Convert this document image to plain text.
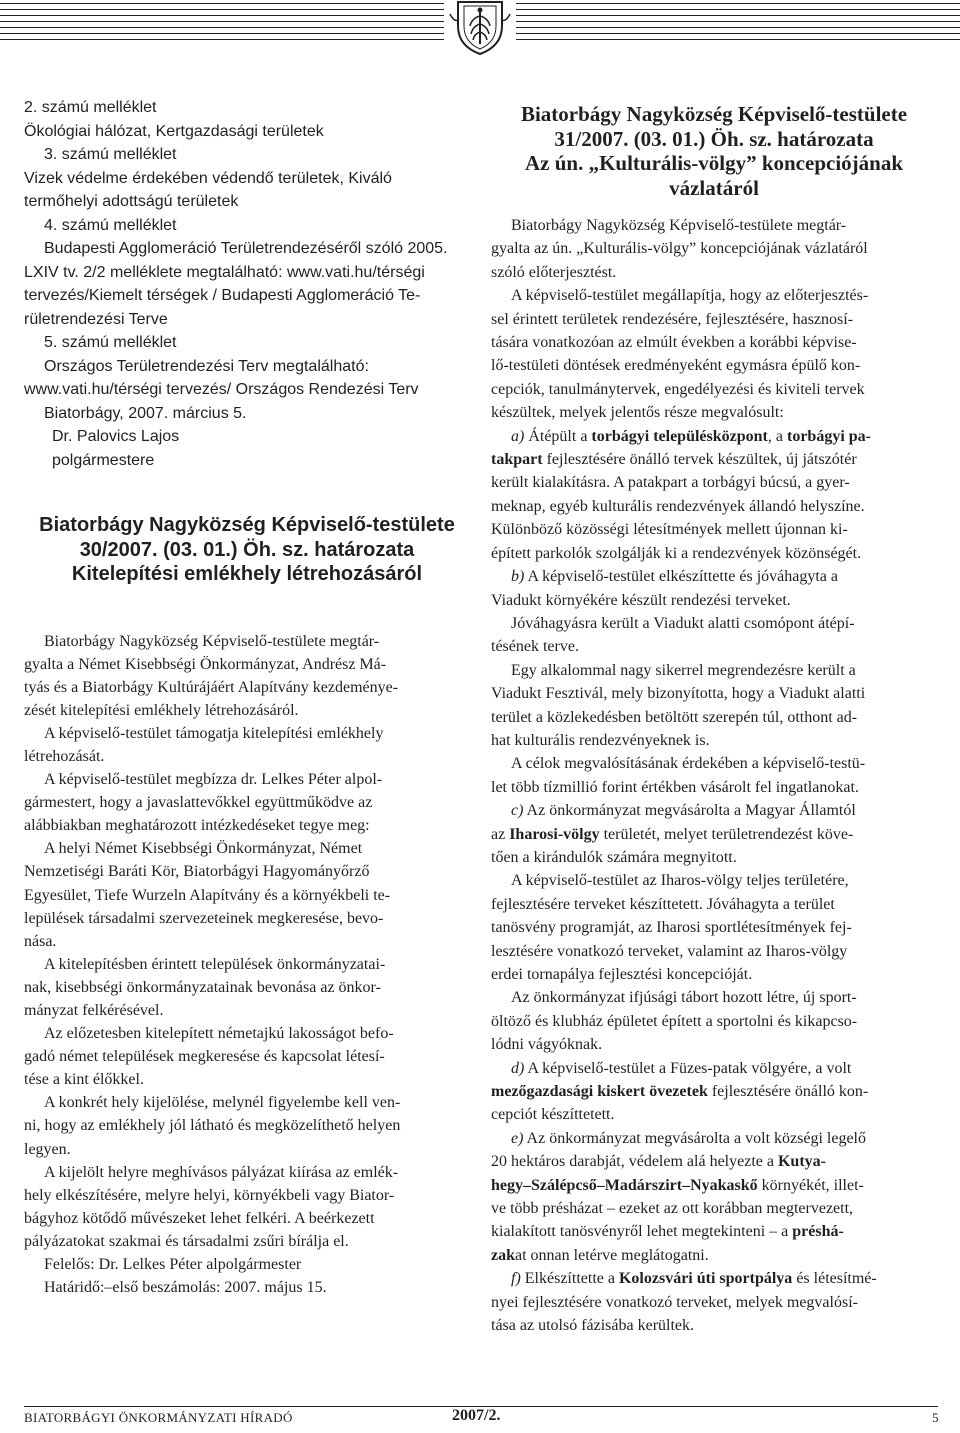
2. számú melléklet
Ökológiai hálózat, Kertgazdasági területek
3. számú melléklet
Vizek védelme érdekében védendő területek, Kiváló
termőhelyi adottságú területek
4. számú melléklet
Budapesti Agglomeráció Területrendezéséről szóló 2005.
LXIV tv. 2/2 melléklete megtalálható: www.vati.hu/térségi
tervezés/Kiemelt térségek / Budapesti Agglomeráció Te-
rületrendezési Terve
5. számú melléklet
Országos Területrendezési Terv megtalálható:
www.vati.hu/térségi tervezés/ Országos Rendezési Terv
Biatorbágy, 2007. március 5.
Dr. Palovics Lajos
polgármestere
Biatorbágy Nagyközség Képviselő-testülete
30/2007. (03. 01.) Öh. sz. határozata
Kitelepítési emlékhely létrehozásáról
Biatorbágy Nagyközség Képviselő-testülete megtár-
gyalta a Német Kisebbségi Önkormányzat, Andrész Má-
tyás és a Biatorbágy Kultúrájáért Alapítvány kezdeménye-
zését kitelepítési emlékhely létrehozásáról.
A képviselő-testület támogatja kitelepítési emlékhely
létrehozását.
A képviselő-testület megbízza dr. Lelkes Péter alpol-
gármestert, hogy a javaslattevőkkel együttműködve az
alábbiakban meghatározott intézkedéseket tegye meg:
A helyi Német Kisebbségi Önkormányzat, Német
Nemzetiségi Baráti Kör, Biatorbágyi Hagyományőrző
Egyesület, Tiefe Wurzeln Alapítvány és a környékbeli te-
lepülések társadalmi szervezeteinek megkeresése, bevo-
nása.
A kitelepítésben érintett települések önkormányzatai-
nak, kisebbségi önkormányzatainak bevonása az önkor-
mányzat felkérésével.
Az előzetesben kitelepített németajkú lakosságot befo-
gadó német települések megkeresése és kapcsolat létesí-
tése a kint élőkkel.
A konkrét hely kijelölése, melynél figyelembe kell ven-
ni, hogy az emlékhely jól látható és megközelíthető helyen
legyen.
A kijelölt helyre meghívásos pályázat kiírása az emlék-
hely elkészítésére, melyre helyi, környékbeli vagy Biator-
bágyhoz kötődő művészeket lehet felkéri. A beérkezett
pályázatokat szakmai és társadalmi zsűri bírálja el.
Felelős: Dr. Lelkes Péter alpolgármester
Határidő:–első beszámolás: 2007. május 15.
Biatorbágy Nagyközség Képviselő-testülete
31/2007. (03. 01.) Öh. sz. határozata
Az ún. „Kulturális-völgy” koncepciójának
vázlatáról
Biatorbágy Nagyközség Képviselő-testülete megtár-
gyalta az ún. „Kulturális-völgy” koncepciójának vázlatáról
szóló előterjesztést.
A képviselő-testület megállapítja, hogy az előterjesztés-
sel érintett területek rendezésére, fejlesztésére, hasznosí-
tására vonatkozóan az elmúlt években a korábbi képvise-
lő-testületi döntések eredményeként egymásra épülő kon-
cepciók, tanulmánytervek, engedélyezési és kiviteli tervek
készültek, melyek jelentős része megvalósult:
a) Átépült a torbágyi településközpont, a torbágyi pa-
takpart fejlesztésére önálló tervek készültek, új játszótér
került kialakításra. A patakpart a torbágyi búcsú, a gyer-
meknap, egyéb kulturális rendezvények állandó helyszíne.
Különböző közösségi létesítmények mellett újonnan ki-
épített parkolók szolgálják ki a rendezvények közönségét.
b) A képviselő-testület elkészíttette és jóváhagyta a
Viadukt környékére készült rendezési terveket.
Jóváhagyásra került a Viadukt alatti csomópont átépí-
tésének terve.
Egy alkalommal nagy sikerrel megrendezésre került a
Viadukt Fesztivál, mely bizonyította, hogy a Viadukt alatti
terület a közlekedésben betöltött szerepén túl, otthont ad-
hat kulturális rendezvényeknek is.
A célok megvalósításának érdekében a képviselő-testü-
let több tízmillió forint értékben vásárolt fel ingatlanokat.
c) Az önkormányzat megvásárolta a Magyar Államtól
az Iharosi-völgy területét, melyet területrendezést köve-
tően a kirándulók számára megnyitott.
A képviselő-testület az Iharos-völgy teljes területére,
fejlesztésére terveket készíttetett. Jóváhagyta a terület
tanösvény programját, az Iharosi sportlétesítmények fej-
lesztésére vonatkozó terveket, valamint az Iharos-völgy
erdei tornapálya fejlesztési koncepcióját.
Az önkormányzat ifjúsági tábort hozott létre, új sport-
öltöző és klubház épületet épített a sportolni és kikapcso-
lódni vágyóknak.
d) A képviselő-testület a Füzes-patak völgyére, a volt
mezőgazdasági kiskert övezetek fejlesztésére önálló kon-
cepciót készíttetett.
e) Az önkormányzat megvásárolta a volt községi legelő
20 hektáros darabját, védelem alá helyezte a Kutya-
hegy–Szálépcső–Madárszirt–Nyakaskő környékét, illet-
ve több présházat – ezeket az ott korábban megtervezett,
kialakított tanösvényről lehet megtekinteni – a préshá-
zakat onnan letérve meglátogatni.
f) Elkészíttette a Kolozsvári úti sportpálya és létesítmé-
nyei fejlesztésére vonatkozó terveket, melyek megvalósí-
tása az utolsó fázisába kerültek.
BIATORBÁGYI ÖNKORMÁNYZATI HÍRADÓ	2007/2.	5
